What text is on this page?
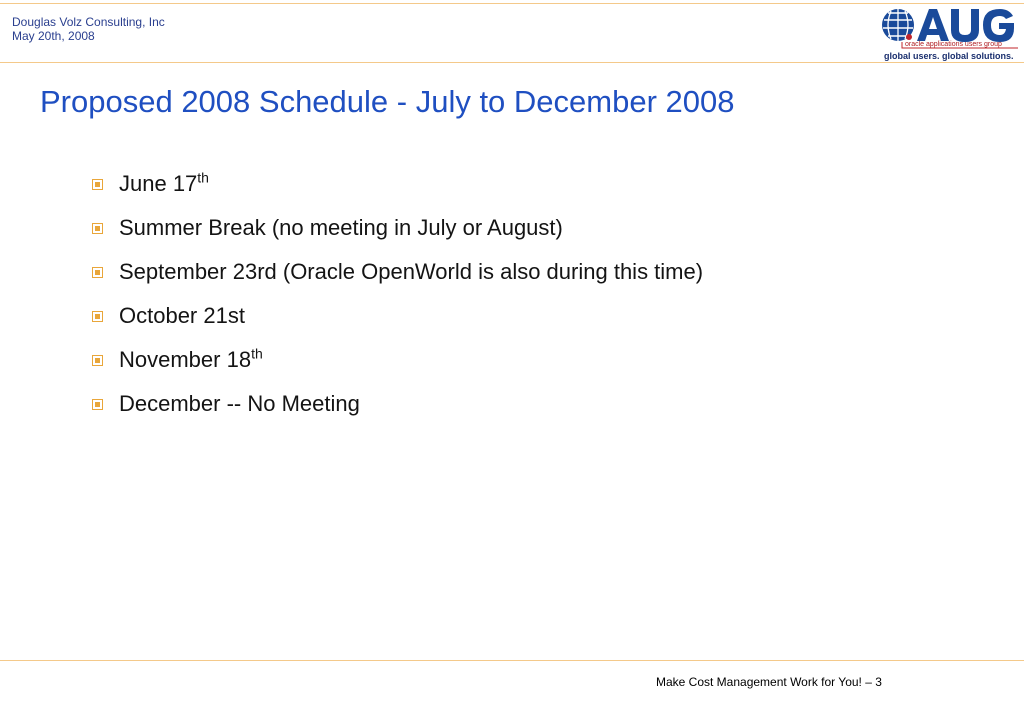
Douglas Volz Consulting, Inc
May 20th, 2008
oracle applications users group
global users. global solutions.
Proposed 2008 Schedule - July to December 2008
June 17th
Summer Break (no meeting in July or August)
September 23rd (Oracle OpenWorld is also during this time)
October 21st
November 18th
December -- No Meeting
Make Cost Management Work for You! – 3
